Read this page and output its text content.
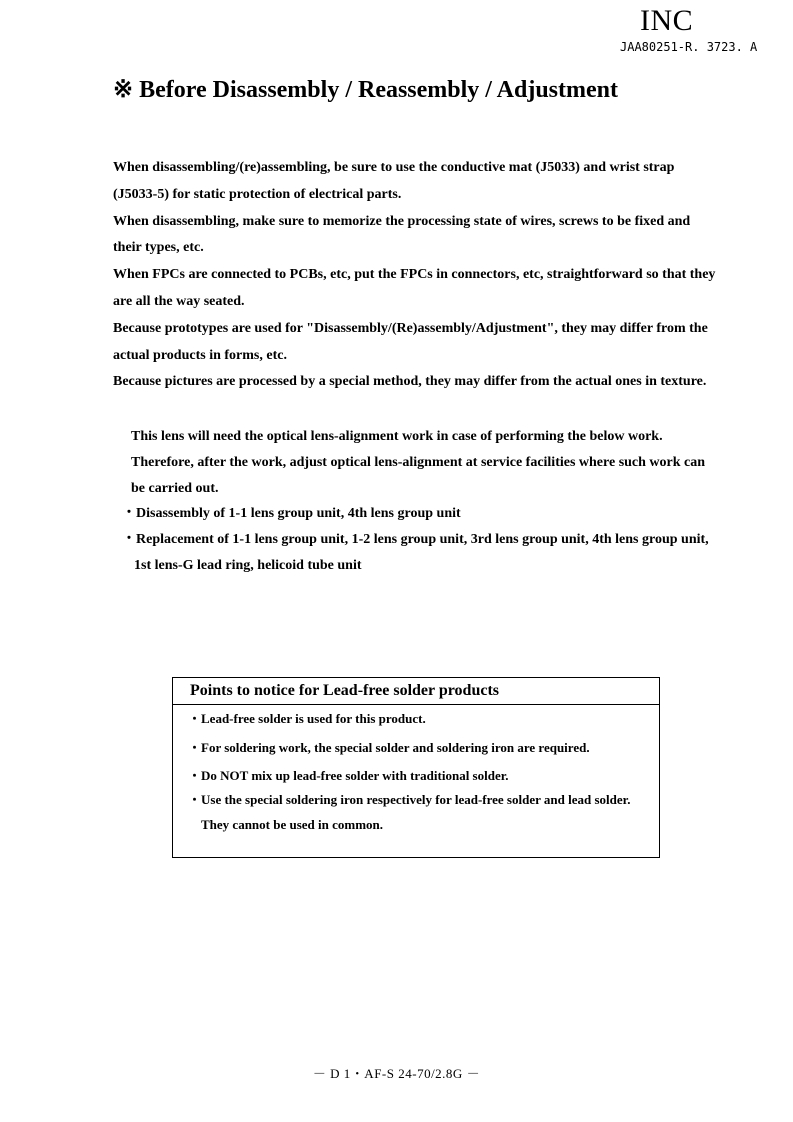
INC
JAA80251-R. 3723. A
※ Before Disassembly / Reassembly / Adjustment

When disassembling/(re)assembling, be sure to use the conductive mat (J5033) and wrist strap

(J5033-5) for static protection of electrical parts.

When disassembling, make sure to memorize the processing state of wires, screws to be fixed and

their types, etc.

When FPCs are connected to PCBs, etc, put the FPCs in connectors, etc, straightforward so that they

are all the way seated.

Because prototypes are used for "Disassembly/(Re)assembly/Adjustment", they may differ from the

actual products in forms, etc.

Because pictures are processed by a special method, they may differ from the actual ones in texture.

This lens will need the optical lens-alignment work in case of performing the below work.

Therefore, after the work, adjust optical lens-alignment at service facilities where such work can

be carried out.

・Disassembly of 1-1 lens group unit, 4th lens group unit

・Replacement of 1-1 lens group unit, 1-2 lens group unit, 3rd lens group unit, 4th lens group unit,

1st lens-G lead ring, helicoid tube unit

Points to notice for Lead-free solder products
・ Lead-free solder is used for this product.
・ For soldering work, the special solder and soldering iron are required.
・ Do NOT mix up lead-free solder with traditional solder.
・ Use the special soldering iron respectively for lead-free solder and lead solder.
They cannot be used in common.
－ D 1・AF-S 24-70/2.8G －
